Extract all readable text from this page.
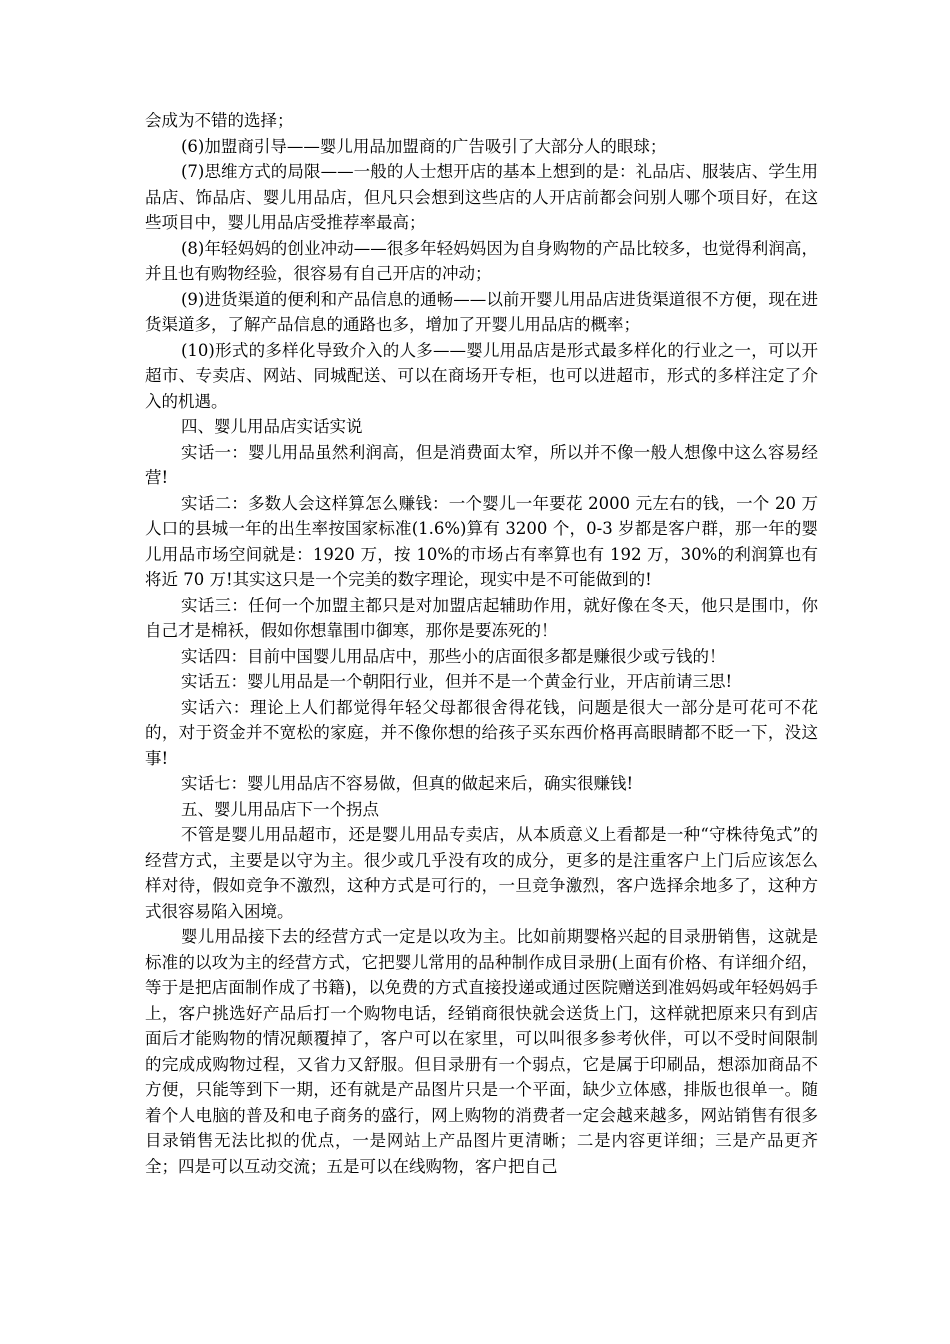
会成为不错的选择；

(6)加盟商引导——婴儿用品加盟商的广告吸引了大部分人的眼球；

(7)思维方式的局限——一般的人士想开店的基本上想到的是：礼品店、服装店、学生用品店、饰品店、婴儿用品店，但凡只会想到这些店的人开店前都会问别人哪个项目好，在这些项目中，婴儿用品店受推荐率最高；

(8)年轻妈妈的创业冲动——很多年轻妈妈因为自身购物的产品比较多，也觉得利润高，并且也有购物经验，很容易有自己开店的冲动；

(9)进货渠道的便利和产品信息的通畅——以前开婴儿用品店进货渠道很不方便，现在进货渠道多，了解产品信息的通路也多，增加了开婴儿用品店的概率；

(10)形式的多样化导致介入的人多——婴儿用品店是形式最多样化的行业之一，可以开超市、专卖店、网站、同城配送、可以在商场开专柜，也可以进超市，形式的多样注定了介入的机遇。

四、婴儿用品店实话实说

实话一：婴儿用品虽然利润高，但是消费面太窄，所以并不像一般人想像中这么容易经营!

实话二：多数人会这样算怎么赚钱：一个婴儿一年要花 2000 元左右的钱，一个 20 万人口的县城一年的出生率按国家标准(1.6%)算有 3200 个，0-3 岁都是客户群，那一年的婴儿用品市场空间就是：1920 万，按 10%的市场占有率算也有 192 万，30%的利润算也有将近 70 万!其实这只是一个完美的数字理论，现实中是不可能做到的!

实话三：任何一个加盟主都只是对加盟店起辅助作用，就好像在冬天，他只是围巾，你自己才是棉袄，假如你想靠围巾御寒，那你是要冻死的！

实话四：目前中国婴儿用品店中，那些小的店面很多都是赚很少或亏钱的！

实话五：婴儿用品是一个朝阳行业，但并不是一个黄金行业，开店前请三思!

实话六：理论上人们都觉得年轻父母都很舍得花钱，问题是很大一部分是可花可不花的，对于资金并不宽松的家庭，并不像你想的给孩子买东西价格再高眼睛都不眨一下，没这事!

实话七：婴儿用品店不容易做，但真的做起来后，确实很赚钱!

五、婴儿用品店下一个拐点

不管是婴儿用品超市，还是婴儿用品专卖店，从本质意义上看都是一种“守株待兔式”的经营方式，主要是以守为主。很少或几乎没有攻的成分，更多的是注重客户上门后应该怎么样对待，假如竞争不激烈，这种方式是可行的，一旦竞争激烈，客户选择余地多了，这种方式很容易陷入困境。

婴儿用品接下去的经营方式一定是以攻为主。比如前期婴格兴起的目录册销售，这就是标准的以攻为主的经营方式，它把婴儿常用的品种制作成目录册(上面有价格、有详细介绍，等于是把店面制作成了书籍)，以免费的方式直接投递或通过医院赠送到准妈妈或年轻妈妈手上，客户挑选好产品后打一个购物电话，经销商很快就会送货上门，这样就把原来只有到店面后才能购物的情况颠覆掉了，客户可以在家里，可以叫很多参考伙伴，可以不受时间限制的完成成购物过程，又省力又舒服。但目录册有一个弱点，它是属于印刷品，想添加商品不方便，只能等到下一期，还有就是产品图片只是一个平面，缺少立体感，排版也很单一。随着个人电脑的普及和电子商务的盛行，网上购物的消费者一定会越来越多，网站销售有很多目录销售无法比拟的优点，一是网站上产品图片更清晰；二是内容更详细；三是产品更齐全；四是可以互动交流；五是可以在线购物，客户把自己
